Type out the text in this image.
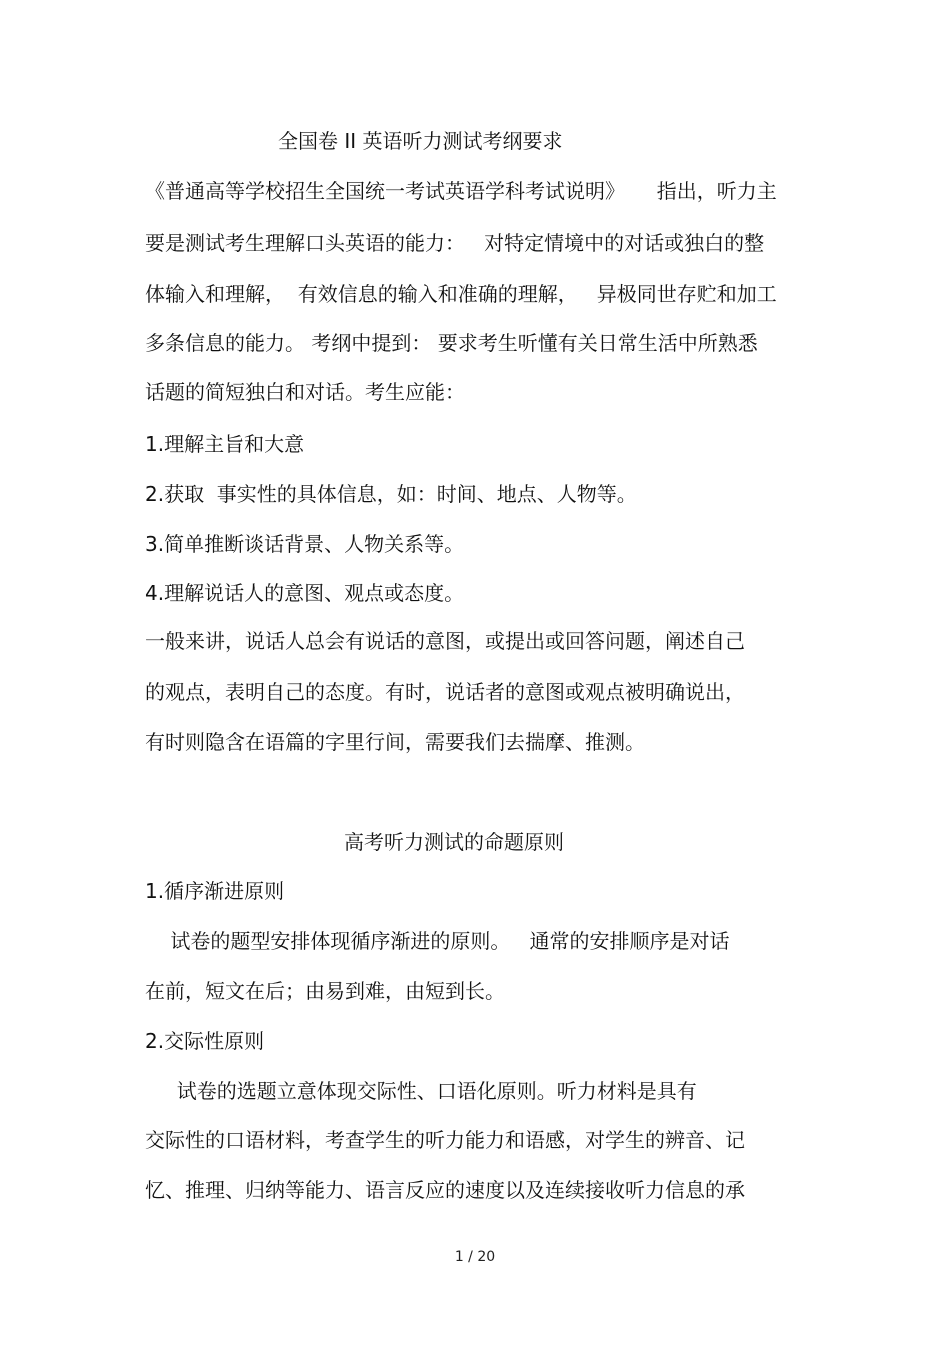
全国卷 II 英语听力测试考纲要求

《普通高等学校招生全国统一考试英语学科考试说明》     指出，听力主

要是测试考生理解口头英语的能力：   对特定情境中的对话或独白的整

体输入和理解，  有效信息的输入和准确的理解，   异极同世存贮和加工

多条信息的能力。 考纲中提到： 要求考生听懂有关日常生活中所熟悉

话题的简短独白和对话。考生应能：

1.理解主旨和大意

2.获取  事实性的具体信息，如：时间、地点、人物等。

3.简单推断谈话背景、人物关系等。

4.理解说话人的意图、观点或态度。

一般来讲，说话人总会有说话的意图，或提出或回答问题，阐述自己

的观点，表明自己的态度。有时，说话者的意图或观点被明确说出，

有时则隐含在语篇的字里行间，需要我们去揣摩、推测。

高考听力测试的命题原则

1.循序渐进原则

试卷的题型安排体现循序渐进的原则。   通常的安排顺序是对话

在前，短文在后；由易到难，由短到长。

2.交际性原则

试卷的选题立意体现交际性、口语化原则。听力材料是具有

交际性的口语材料，考查学生的听力能力和语感，对学生的辨音、记

忆、推理、归纳等能力、语言反应的速度以及连续接收听力信息的承

1 / 20
